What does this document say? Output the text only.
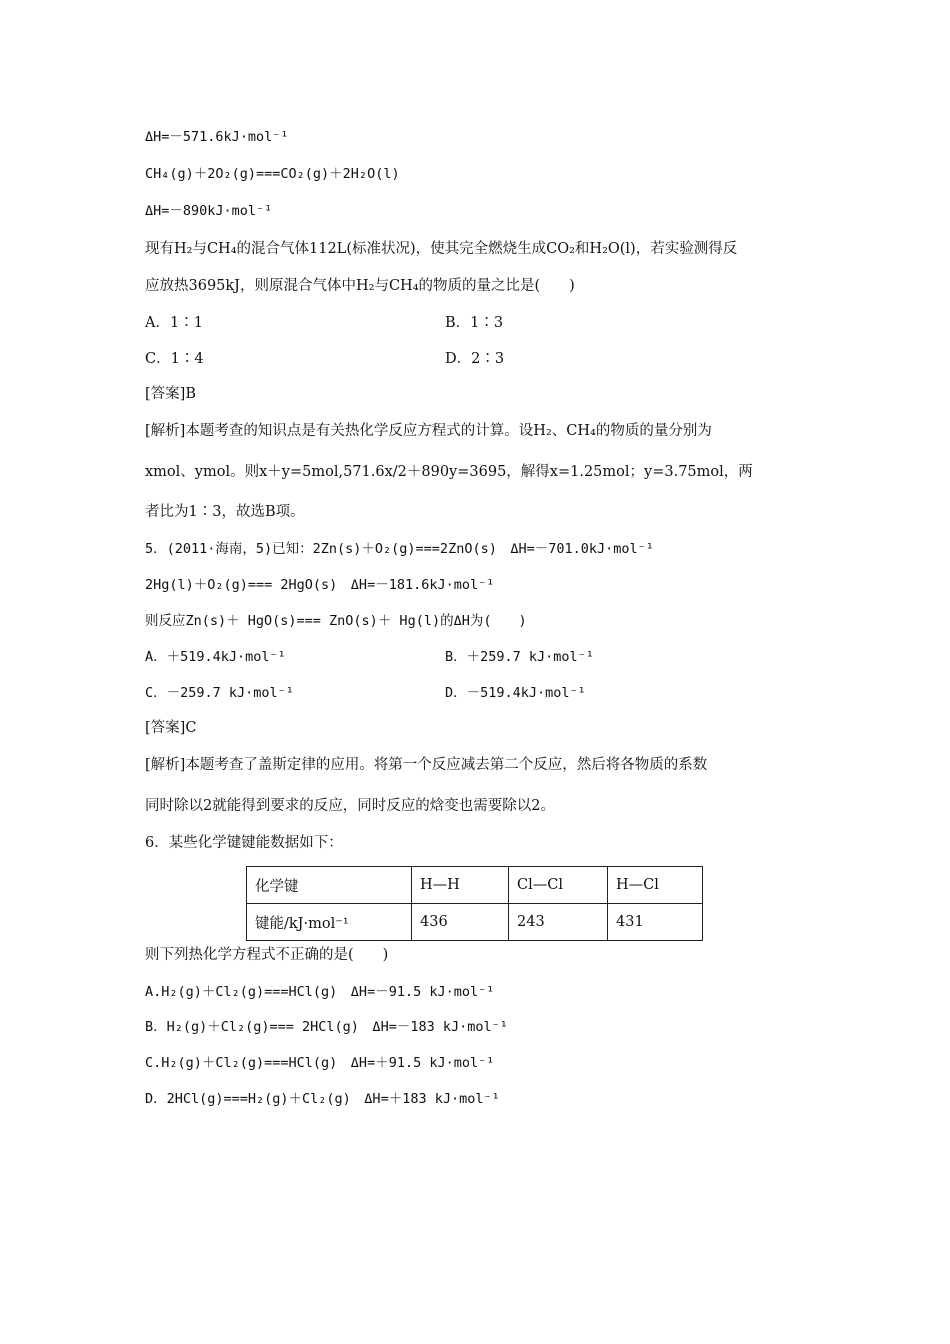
ΔH=－571.6kJ·mol⁻¹
CH₄(g)＋2O₂(g)===CO₂(g)＋2H₂O(l)
ΔH=－890kJ·mol⁻¹
现有H₂与CH₄的混合气体112L(标准状况)，使其完全燃烧生成CO₂和H₂O(l)，若实验测得反
应放热3695kJ，则原混合气体中H₂与CH₄的物质的量之比是(　　)
A．1∶1	B．1∶3
C．1∶4	D．2∶3
[答案]B
[解析]本题考查的知识点是有关热化学反应方程式的计算。设H₂、CH₄的物质的量分别为
xmol、ymol。则x＋y=5mol,571.6x/2＋890y=3695，解得x=1.25mol；y=3.75mol，两
者比为1∶3，故选B项。
5．(2011·海南，5)已知：2Zn(s)＋O₂(g)===2ZnO(s)　ΔH=－701.0kJ·mol⁻¹
2Hg(l)＋O₂(g)=== 2HgO(s)　ΔH=－181.6kJ·mol⁻¹
则反应Zn(s)＋ HgO(s)=== ZnO(s)＋ Hg(l)的ΔH为(　　)
A．＋519.4kJ·mol⁻¹	B．＋259.7 kJ·mol⁻¹
C．－259.7 kJ·mol⁻¹	D．－519.4kJ·mol⁻¹
[答案]C
[解析]本题考查了盖斯定律的应用。将第一个反应减去第二个反应，然后将各物质的系数
同时除以2就能得到要求的反应，同时反应的焓变也需要除以2。
6．某些化学键键能数据如下：
化学键	H—H	Cl—Cl	H—Cl
键能/kJ·mol⁻¹	436	243	431
则下列热化学方程式不正确的是(　　)
A.H₂(g)＋Cl₂(g)===HCl(g)　ΔH=－91.5 kJ·mol⁻¹
B．H₂(g)＋Cl₂(g)=== 2HCl(g)　ΔH=－183 kJ·mol⁻¹
C.H₂(g)＋Cl₂(g)===HCl(g)　ΔH=＋91.5 kJ·mol⁻¹
D．2HCl(g)===H₂(g)＋Cl₂(g)　ΔH=＋183 kJ·mol⁻¹
